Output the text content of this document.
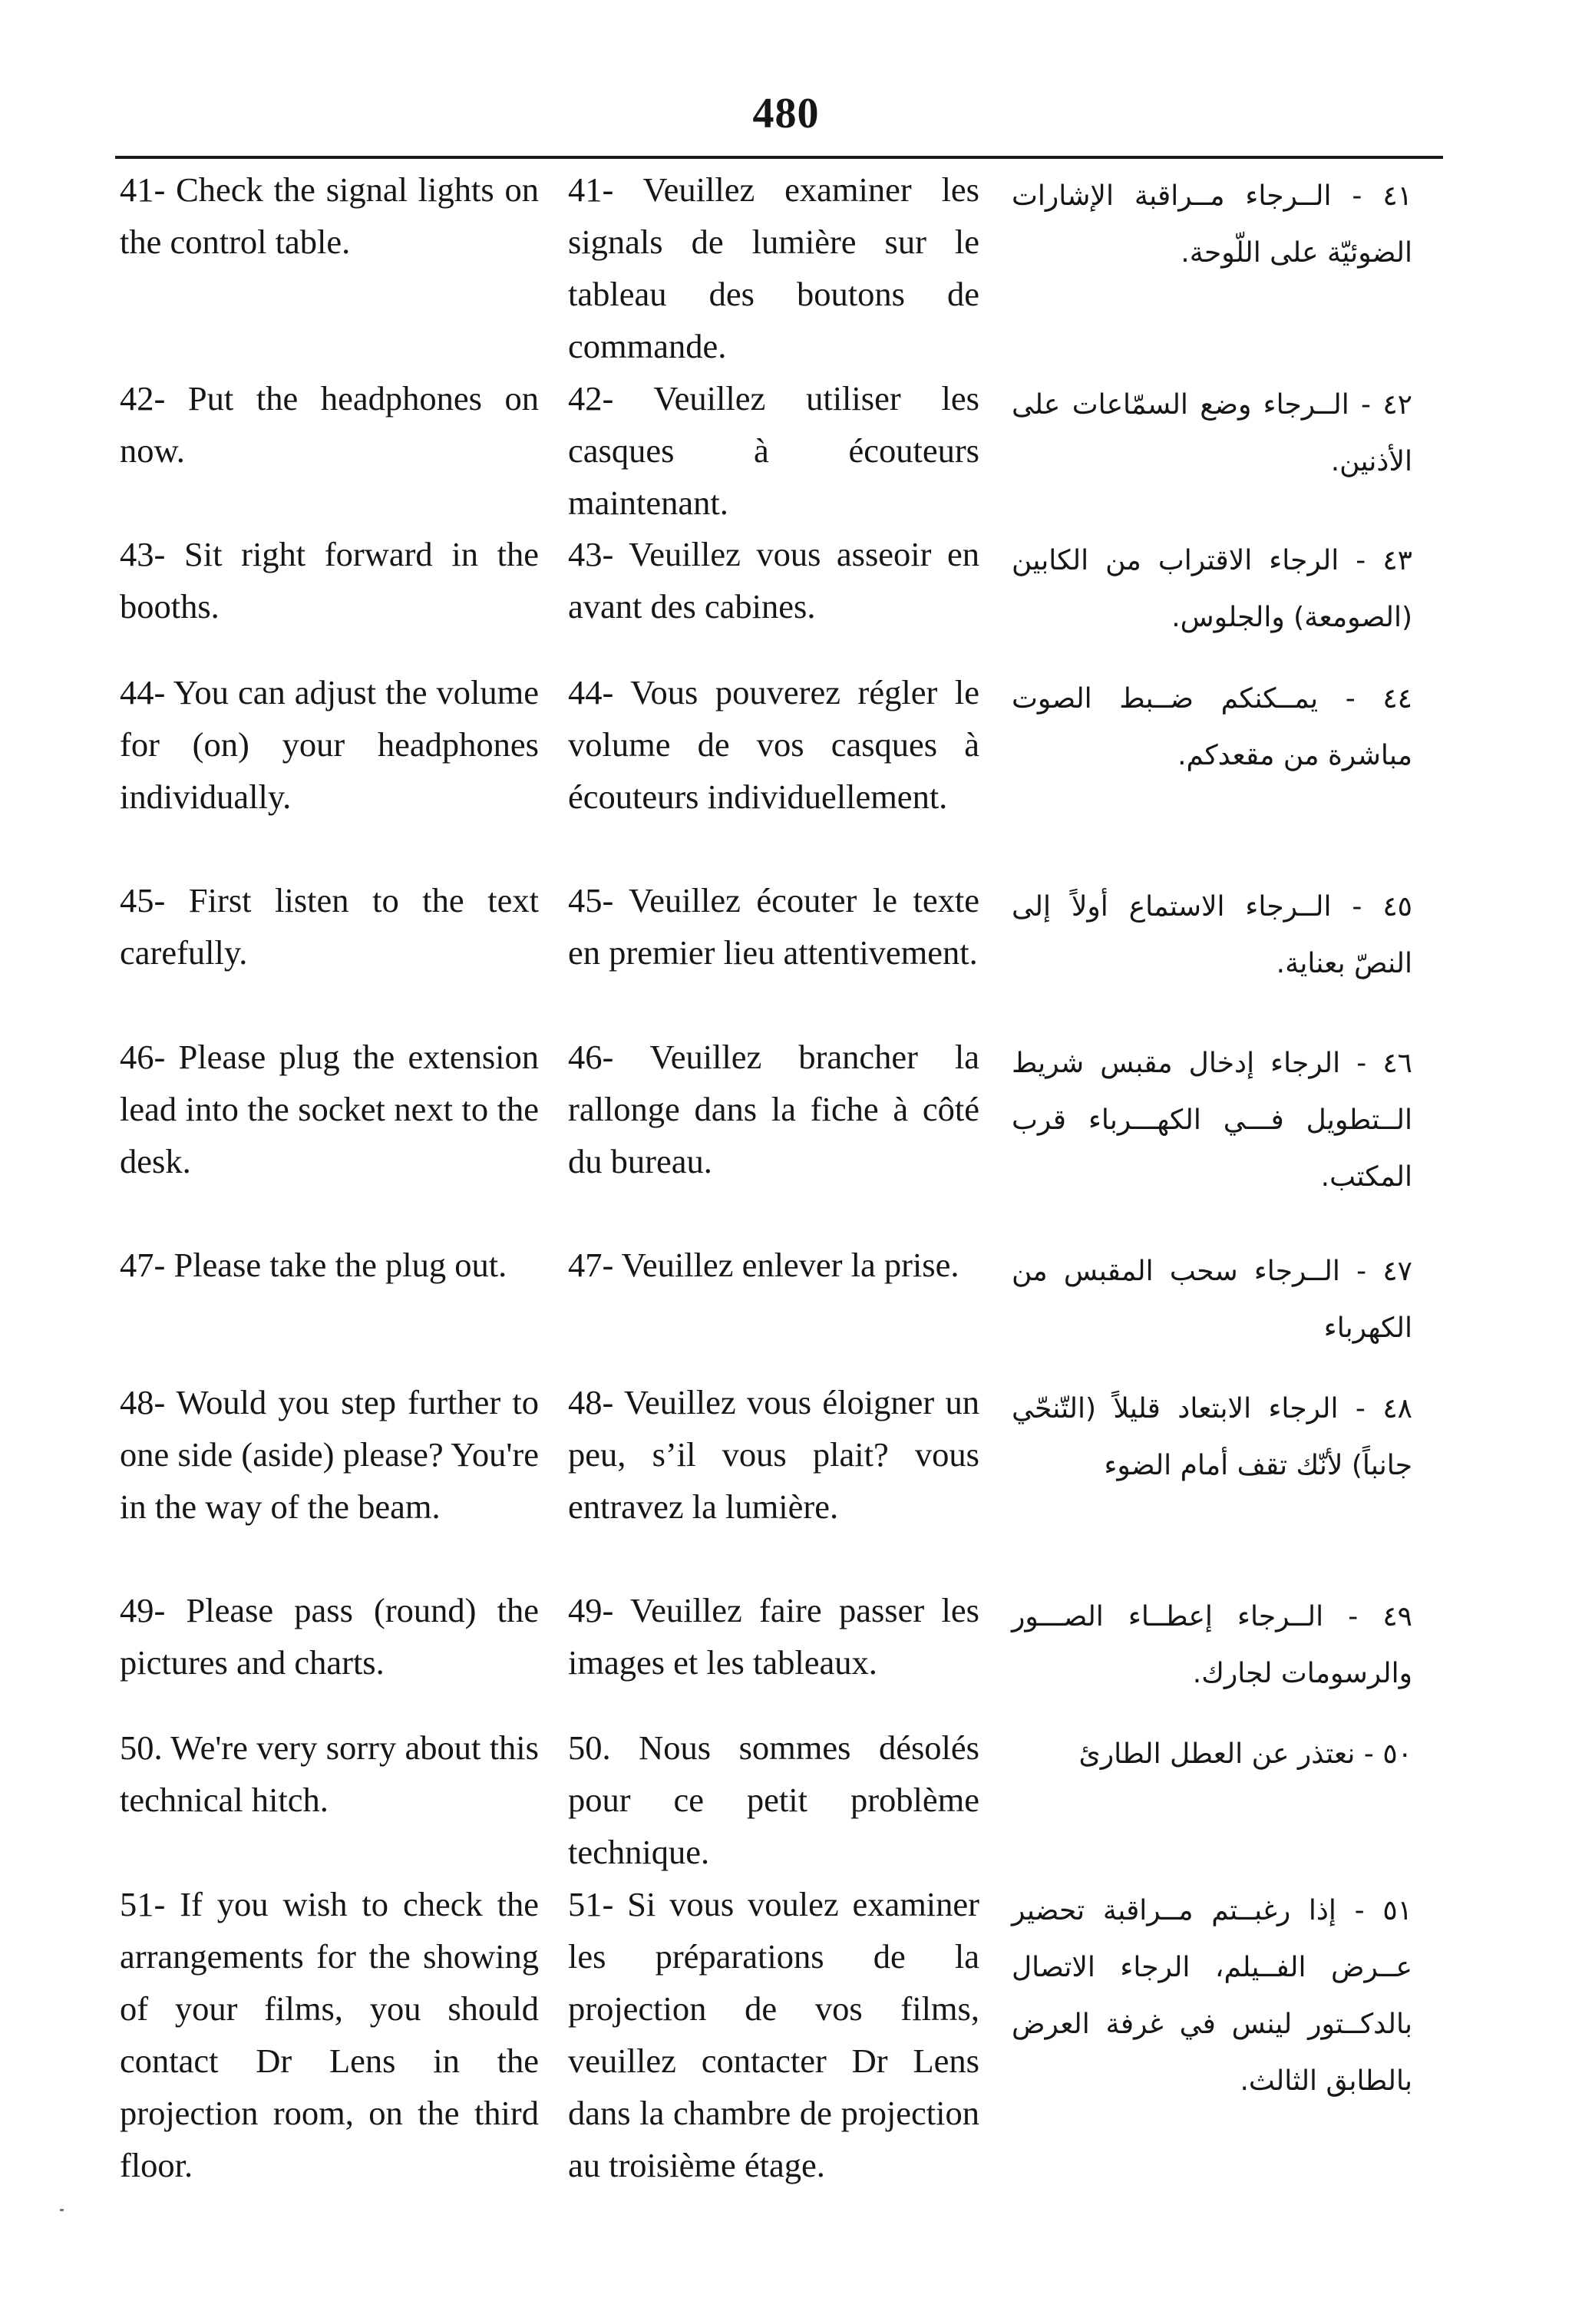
480
41- Check the signal lights on the control table.
41- Veuillez examiner les signals de lumière sur le tableau des boutons de commande.
٤١ - الــرجاء مــراقبة الإشارات الضوئيّة على اللّوحة.
42- Put the headphones on now.
42- Veuillez utiliser les casques à écouteurs maintenant.
٤٢ - الــرجاء وضع السمّاعات على الأذنين.
43- Sit right forward in the booths.
43- Veuillez vous asseoir en avant des cabines.
٤٣ - الرجاء الاقتراب من الكابين (الصومعة) والجلوس.
44- You can adjust the volume for (on) your headphones individually.
44- Vous pouverez régler le volume de vos casques à écouteurs individuellement.
٤٤ - يمــكنكم ضــبط الصوت مباشرة من مقعدكم.
45- First listen to the text carefully.
45- Veuillez écouter le texte en premier lieu attentivement.
٤٥ - الــرجاء الاستماع أولاً إلى النصّ بعناية.
46- Please plug the extension lead into the socket next to the desk.
46- Veuillez brancher la rallonge dans la fiche à côté du bureau.
٤٦ - الرجاء إدخال مقبس شريط الــتطويل فـــي الكهـــرباء قرب المكتب.
47- Please take the plug out.	47- Veuillez enlever la prise.	٤٧ - الــرجاء سحب المقبس من الكهرباء
48- Would you step further to one side (aside) please? You're in the way of the beam.
48- Veuillez vous éloigner un peu, s’il vous plait? vous entravez la lumière.
٤٨ - الرجاء الابتعاد قليلاً (التّنحّي جانباً) لأنّك تقف أمام الضوء
49- Please pass (round) the pictures and charts.
49- Veuillez faire passer les images et les tableaux.
٤٩ - الــرجاء إعطــاء الصـــور والرسومات لجارك.
50. We're very sorry about this technical hitch.
50. Nous sommes désolés pour ce petit problème technique.
٥٠ - نعتذر عن العطل الطارئ
51- If you wish to check the arrangements for the showing of your films, you should contact Dr Lens in the projection room, on the third floor.
51- Si vous voulez examiner les préparations de la projection de vos films, veuillez contacter Dr Lens dans la chambre de projection au troisième étage.
٥١ - إذا رغبــتم مــراقبة تحضير عــرض الفــيلم، الرجاء الاتصال بالدكــتور لينس في غرفة العرض بالطابق الثالث.
